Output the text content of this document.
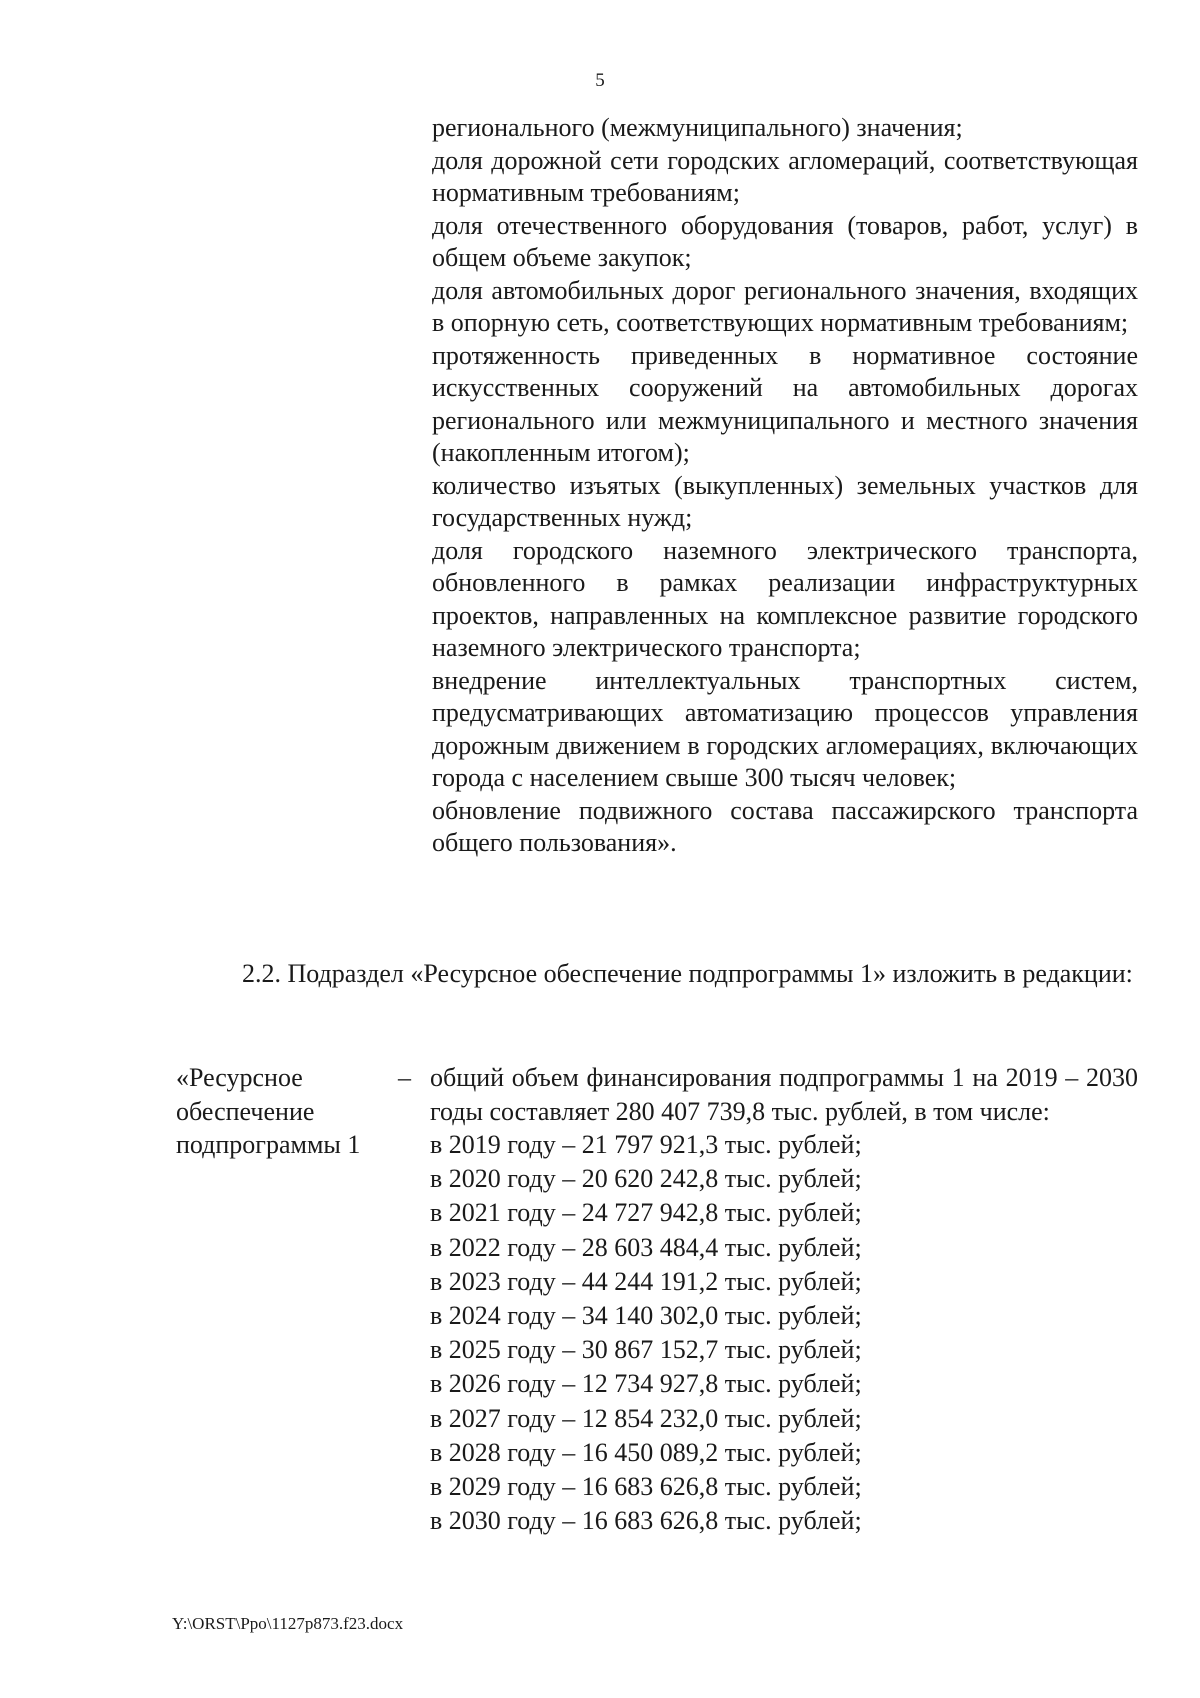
5
регионального (межмуниципального) значения;
доля дорожной сети городских агломераций, соответствующая нормативным требованиям;
доля отечественного оборудования (товаров, работ, услуг) в общем объеме закупок;
доля автомобильных дорог регионального значения, входящих в опорную сеть, соответствующих нормативным требованиям;
протяженность приведенных в нормативное состояние искусственных сооружений на автомобильных дорогах регионального или межмуниципального и местного значения (накопленным итогом);
количество изъятых (выкупленных) земельных участков для государственных нужд;
доля городского наземного электрического транспорта, обновленного в рамках реализации инфраструктурных проектов, направленных на комплексное развитие городского наземного электрического транспорта;
внедрение интеллектуальных транспортных систем, предусматривающих автоматизацию процессов управления дорожным движением в городских агломерациях, включающих города с населением свыше 300 тысяч человек;
обновление подвижного состава пассажирского транспорта общего пользования».
2.2. Подраздел «Ресурсное обеспечение подпрограммы 1» изложить в редакции:
«Ресурсное обеспечение подпрограммы 1
– общий объем финансирования подпрограммы 1 на 2019 – 2030 годы составляет 280 407 739,8 тыс. рублей, в том числе:
в 2019 году – 21 797 921,3 тыс. рублей;
в 2020 году – 20 620 242,8 тыс. рублей;
в 2021 году – 24 727 942,8 тыс. рублей;
в 2022 году – 28 603 484,4 тыс. рублей;
в 2023 году – 44 244 191,2 тыс. рублей;
в 2024 году – 34 140 302,0 тыс. рублей;
в 2025 году – 30 867 152,7 тыс. рублей;
в 2026 году – 12 734 927,8 тыс. рублей;
в 2027 году – 12 854 232,0 тыс. рублей;
в 2028 году – 16 450 089,2 тыс. рублей;
в 2029 году – 16 683 626,8 тыс. рублей;
в 2030 году – 16 683 626,8 тыс. рублей;
Y:\ORST\Ppo\1127p873.f23.docx
